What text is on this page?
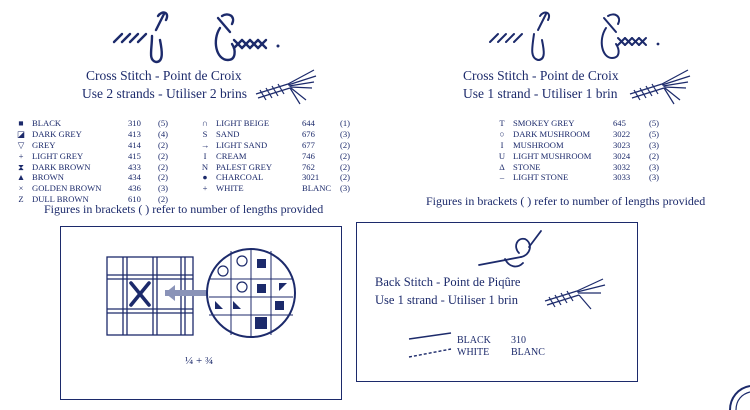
Cross Stitch - Point de Croix
Use 2 strands - Utiliser 2 brins
■ BLACK	310	(5)
◪ DARK GREY	413	(4)
▽ GREY	414	(2)
+ LIGHT GREY	415	(2)
⧗ DARK BROWN	433	(2)
▲ BROWN	434	(2)
× GOLDEN BROWN	436	(3)
Z DULL BROWN	610	(2)
∩ LIGHT BEIGE	644	(1)
S	SAND	676	(3)
→ LIGHT SAND	677	(2)
I	CREAM	746	(2)
N PALEST GREY	762	(2)
● CHARCOAL	3021	(2)
+ WHITE	BLANC	(3)
Figures in brackets ( ) refer to number of lengths provided
Cross Stitch - Point de Croix
Use 1 strand - Utiliser 1 brin
T SMOKEY GREY	645	(5)
○ DARK MUSHROOM	3022	(5)
I	MUSHROOM	3023	(3)
U LIGHT MUSHROOM	3024	(2)
Δ STONE	3032	(3)
–	LIGHT STONE	3033	(3)
Figures in brackets ( ) refer to number of lengths provided
¼ + ¾
Back Stitch - Point de Piqûre
Use 1 strand - Utiliser 1 brin
BLACK	310
WHITE	BLANC
